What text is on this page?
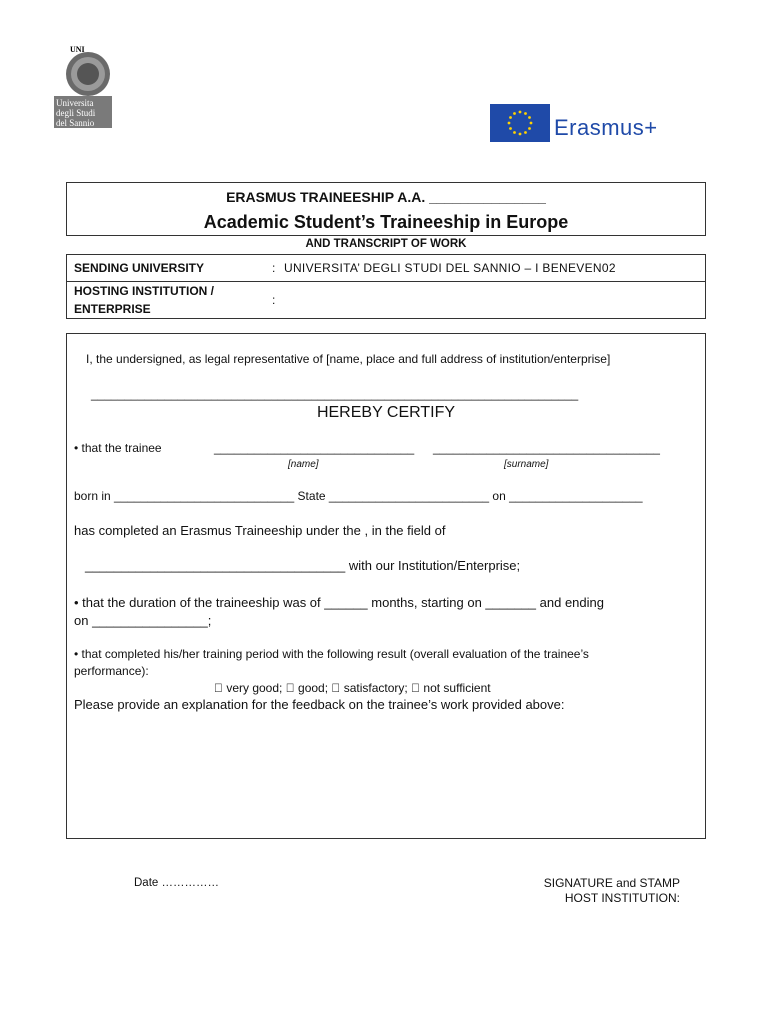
UNI
Universita
degli Studi
del Sannio	Erasmus+
ERASMUS TRAINEESHIP A.A. _______________
Academic Student’s Traineeship in Europe
AND TRANSCRIPT OF WORK
SENDING UNIVERSITY	: UNIVERSITA’ DEGLI STUDI DEL SANNIO – I BENEVEN02
HOSTING INSTITUTION /
ENTERPRISE
:
I, the undersigned, as legal representative of [name, place and full address of institution/enterprise]
_________________________________________________________________________
HEREBY CERTIFY
• that the trainee	______________________________ __________________________________
[name]	[surname]
born in ___________________________ State ________________________ on ____________________
has completed an Erasmus Traineeship under the , in the field of
____________________________________ with our Institution/Enterprise;
• that the duration of the traineeship was of ______ months, starting on _______ and ending
on ________________;
• that completed his/her training period with the following result (overall evaluation of the trainee’s
performance):
very good; good; satisfactory; not sufficient
Please provide an explanation for the feedback on the trainee’s work provided above:
Date ……………	SIGNATURE and STAMP
HOST INSTITUTION:
